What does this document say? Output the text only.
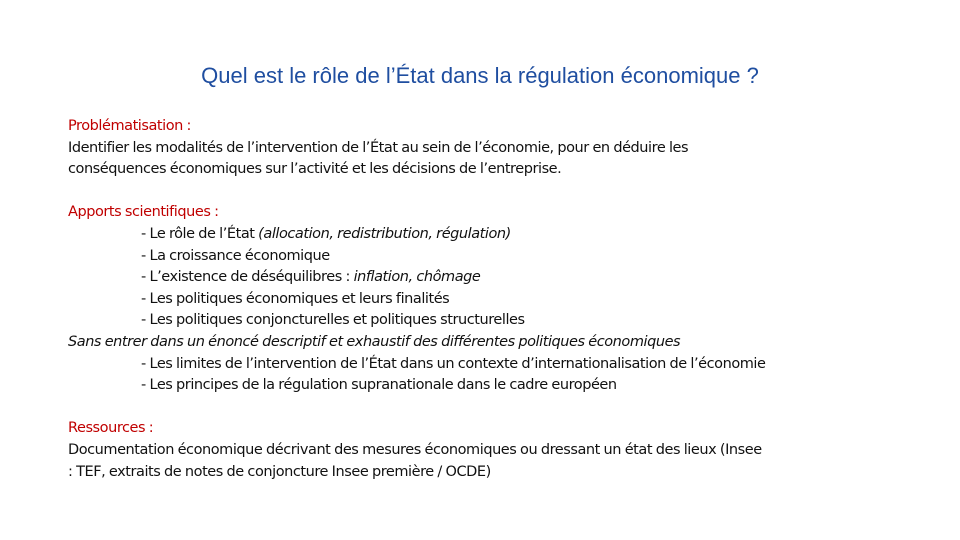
Quel est le rôle de l’État dans la régulation économique ?
Problématisation :
Identifier les modalités de l’intervention de l’État au sein de l’économie, pour en déduire les
conséquences économiques sur l’activité et les décisions de l’entreprise.
Apports scientifiques :
- Le rôle de l’État (allocation, redistribution, régulation)
- La croissance économique
- L’existence de déséquilibres : inflation, chômage
- Les politiques économiques et leurs finalités
- Les politiques conjoncturelles et politiques structurelles
Sans entrer dans un énoncé descriptif et exhaustif des différentes politiques économiques
- Les limites de l’intervention de l’État dans un contexte d’internationalisation de l’économie
- Les principes de la régulation supranationale dans le cadre européen
Ressources :
Documentation économique décrivant des mesures économiques ou dressant un état des lieux (Insee
: TEF, extraits de notes de conjoncture Insee première / OCDE)
